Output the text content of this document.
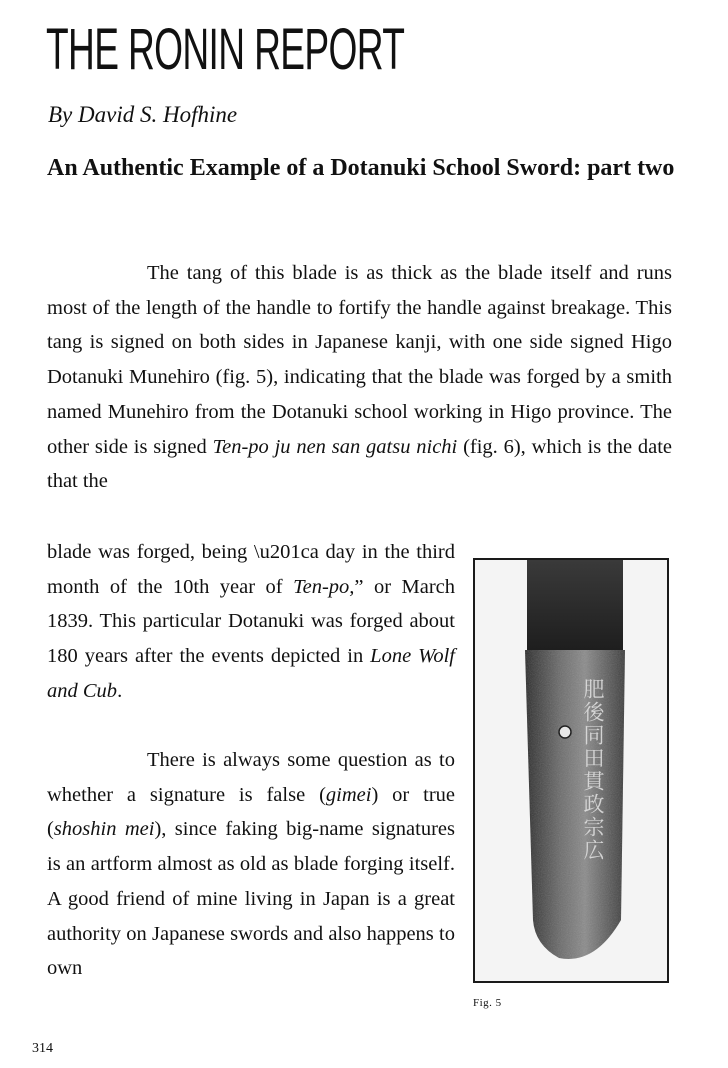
THE RONIN REPORT
By David S. Hofhine
An Authentic Example of a Dotanuki School Sword: part two

The tang of this blade is as thick as the blade itself and runs most of the length of the handle to fortify the handle against breakage. This tang is signed on both sides in Japanese kanji, with one side signed Higo Dotanuki Munehiro (fig. 5), indicating that the blade was forged by a smith named Munehiro from the Dotanuki school working in Higo province. The other side is signed Ten-po ju nen san gatsu nichi (fig. 6), which is the date that the

blade was forged, being \u201ca day in the third month of the 10th year of Ten-po,” or March 1839. This particular Dotanuki was forged about 180 years after the events depicted in Lone Wolf and Cub.

There is always some question as to whether a signature is false (gimei) or true (shoshin mei), since faking big-name signatures is an artform almost as old as blade forging itself. A good friend of mine living in Japan is a great authority on Japanese swords and also happens to own

肥後同田貫政宗広
Fig. 5
314
